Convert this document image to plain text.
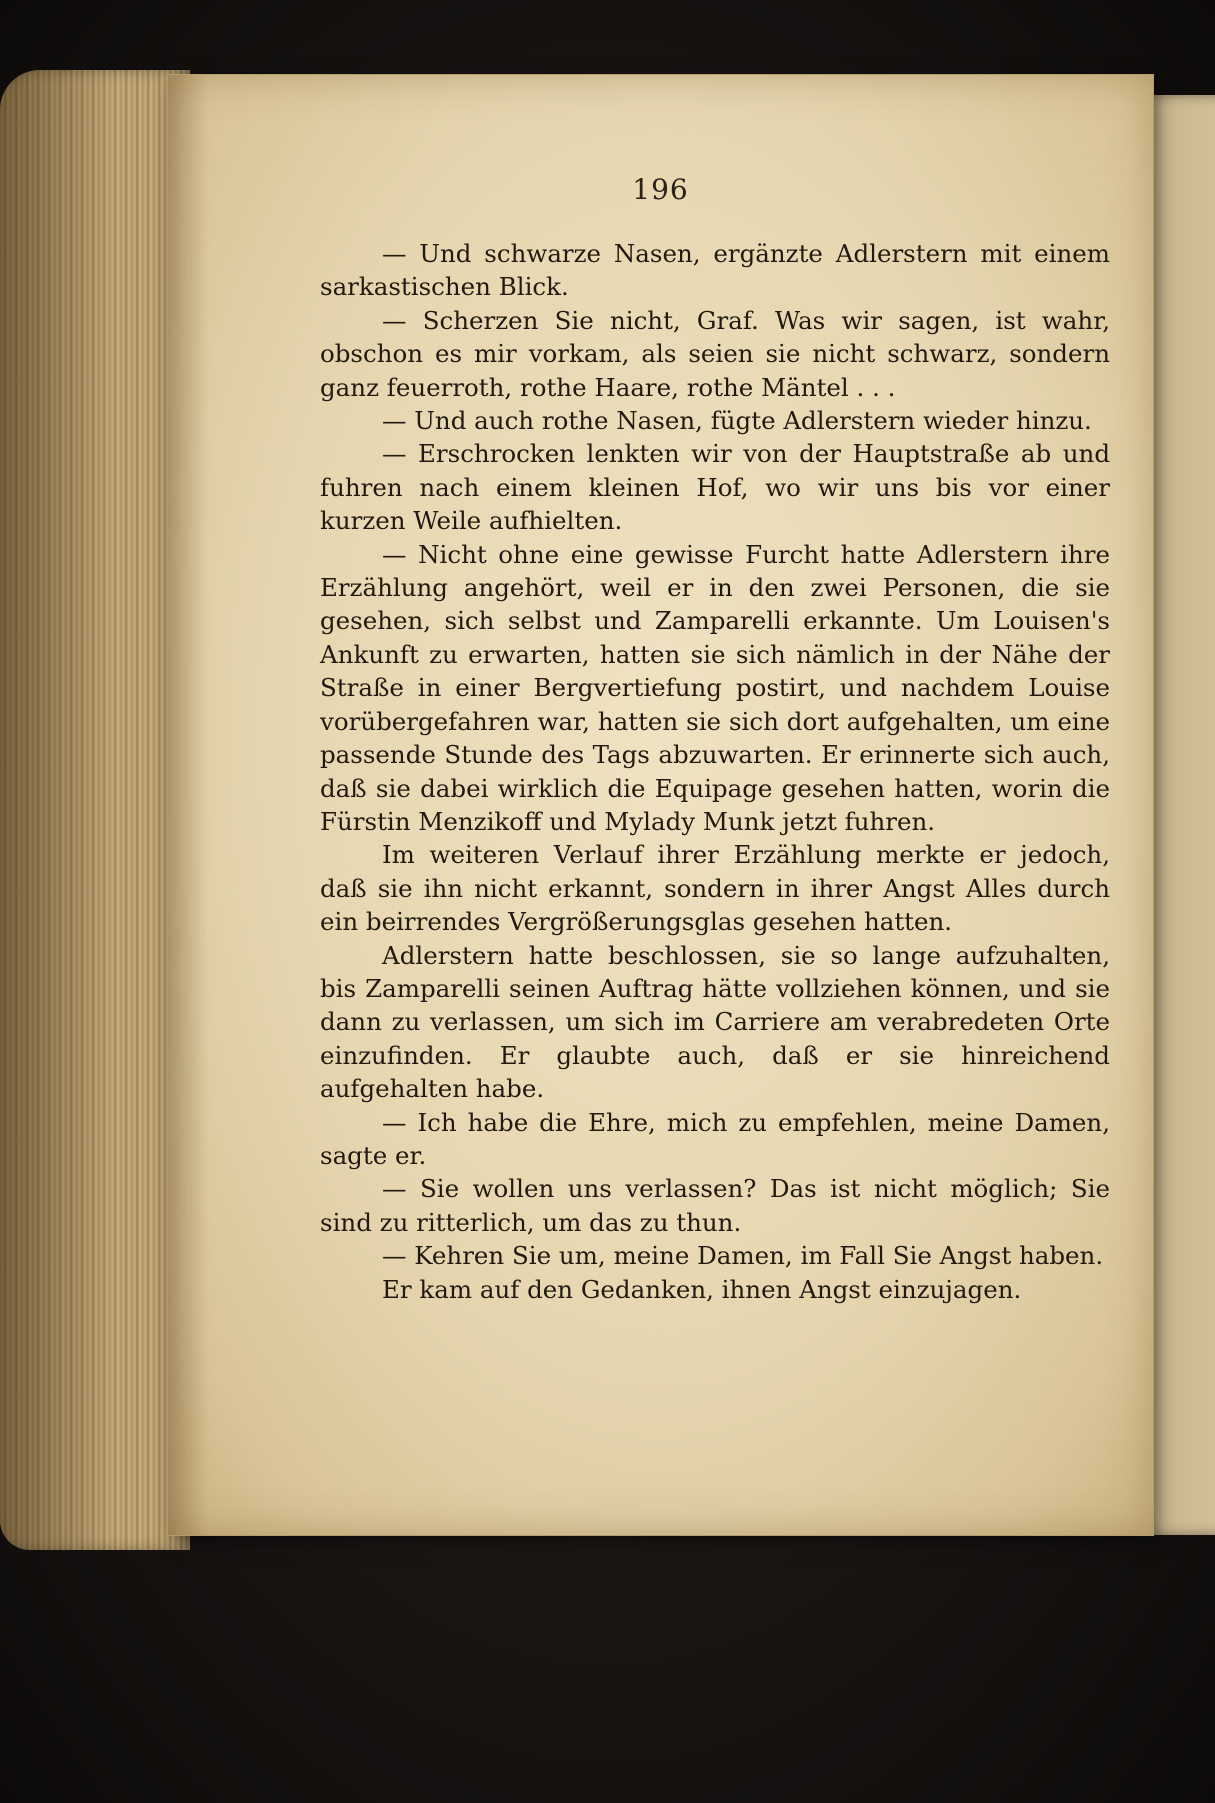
196

— Und schwarze Nasen, ergänzte Adlerstern mit einem sarkastischen Blick.

— Scherzen Sie nicht, Graf. Was wir sagen, ist wahr, obschon es mir vorkam, als seien sie nicht schwarz, sondern ganz feuerroth, rothe Haare, rothe Mäntel . . .

— Und auch rothe Nasen, fügte Adlerstern wieder hinzu.

— Erschrocken lenkten wir von der Hauptstraße ab und fuhren nach einem kleinen Hof, wo wir uns bis vor einer kurzen Weile aufhielten.

— Nicht ohne eine gewisse Furcht hatte Adlerstern ihre Erzählung angehört, weil er in den zwei Personen, die sie gesehen, sich selbst und Zamparelli erkannte. Um Louisen's Ankunft zu erwarten, hatten sie sich nämlich in der Nähe der Straße in einer Bergvertiefung postirt, und nachdem Louise vorübergefahren war, hatten sie sich dort aufgehalten, um eine passende Stunde des Tags abzuwarten. Er erinnerte sich auch, daß sie dabei wirklich die Equipage gesehen hatten, worin die Fürstin Menzikoff und Mylady Munk jetzt fuhren.

Im weiteren Verlauf ihrer Erzählung merkte er jedoch, daß sie ihn nicht erkannt, sondern in ihrer Angst Alles durch ein beirrendes Vergrößerungsglas gesehen hatten.

Adlerstern hatte beschlossen, sie so lange aufzuhalten, bis Zamparelli seinen Auftrag hätte vollziehen können, und sie dann zu verlassen, um sich im Carriere am verabredeten Orte einzufinden. Er glaubte auch, daß er sie hinreichend aufgehalten habe.

— Ich habe die Ehre, mich zu empfehlen, meine Damen, sagte er.

— Sie wollen uns verlassen? Das ist nicht möglich; Sie sind zu ritterlich, um das zu thun.

— Kehren Sie um, meine Damen, im Fall Sie Angst haben.

Er kam auf den Gedanken, ihnen Angst einzujagen.
